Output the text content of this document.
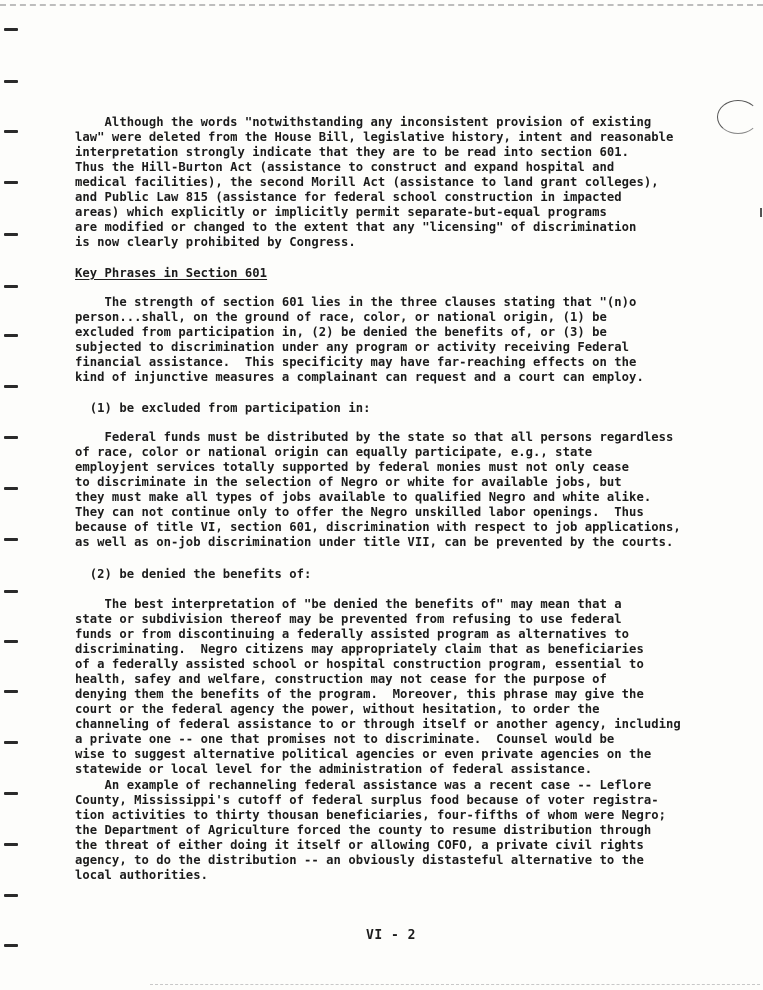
Although the words "notwithstanding any inconsistent provision of existing
law" were deleted from the House Bill, legislative history, intent and reasonable
interpretation strongly indicate that they are to be read into section 601.
Thus the Hill-Burton Act (assistance to construct and expand hospital and
medical facilities), the second Morill Act (assistance to land grant colleges),
and Public Law 815 (assistance for federal school construction in impacted
areas) which explicitly or implicitly permit separate-but-equal programs
are modified or changed to the extent that any "licensing" of discrimination
is now clearly prohibited by Congress.
Key Phrases in Section 601
The strength of section 601 lies in the three clauses stating that "(n)o
person...shall, on the ground of race, color, or national origin, (1) be
excluded from participation in, (2) be denied the benefits of, or (3) be
subjected to discrimination under any program or activity receiving Federal
financial assistance.  This specificity may have far-reaching effects on the
kind of injunctive measures a complainant can request and a court can employ.
(1) be excluded from participation in:
Federal funds must be distributed by the state so that all persons regardless
of race, color or national origin can equally participate, e.g., state
employjent services totally supported by federal monies must not only cease
to discriminate in the selection of Negro or white for available jobs, but
they must make all types of jobs available to qualified Negro and white alike.
They can not continue only to offer the Negro unskilled labor openings.  Thus
because of title VI, section 601, discrimination with respect to job applications,
as well as on-job discrimination under title VII, can be prevented by the courts.
(2) be denied the benefits of:
The best interpretation of "be denied the benefits of" may mean that a
state or subdivision thereof may be prevented from refusing to use federal
funds or from discontinuing a federally assisted program as alternatives to
discriminating.  Negro citizens may appropriately claim that as beneficiaries
of a federally assisted school or hospital construction program, essential to
health, safey and welfare, construction may not cease for the purpose of
denying them the benefits of the program.  Moreover, this phrase may give the
court or the federal agency the power, without hesitation, to order the
channeling of federal assistance to or through itself or another agency, including
a private one -- one that promises not to discriminate.  Counsel would be
wise to suggest alternative political agencies or even private agencies on the
statewide or local level for the administration of federal assistance.
An example of rechanneling federal assistance was a recent case -- Leflore
County, Mississippi's cutoff of federal surplus food because of voter registra-
tion activities to thirty thousan beneficiaries, four-fifths of whom were Negro;
the Department of Agriculture forced the county to resume distribution through
the threat of either doing it itself or allowing COFO, a private civil rights
agency, to do the distribution -- an obviously distasteful alternative to the
local authorities.
VI - 2
